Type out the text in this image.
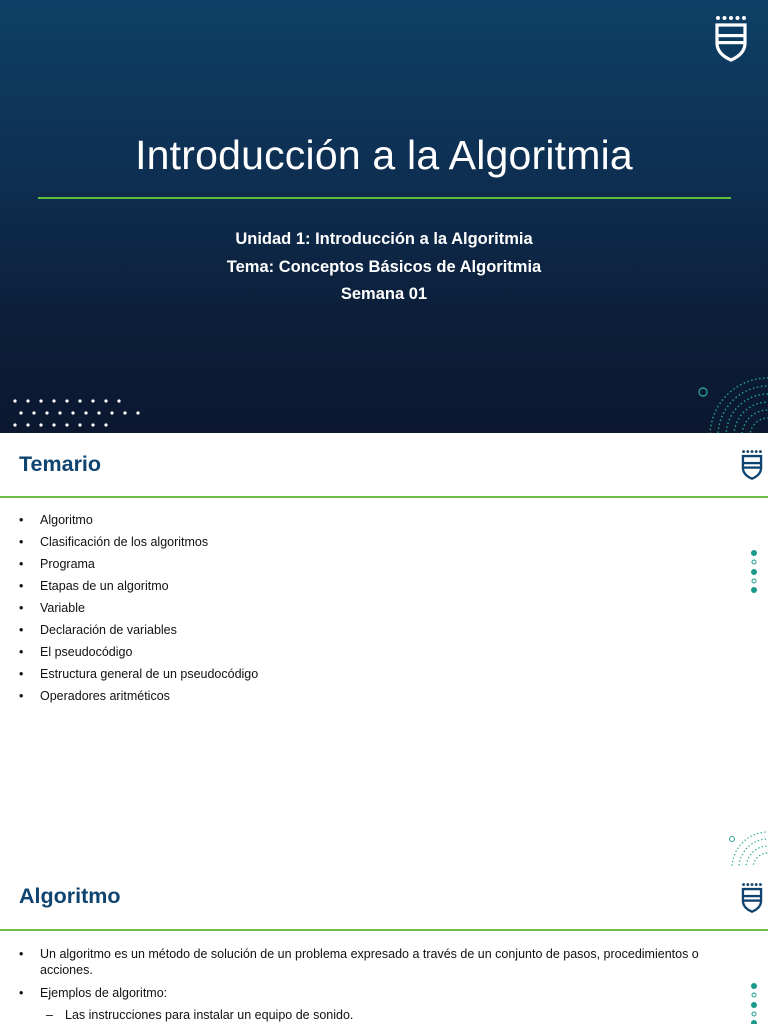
Introducción a la Algoritmia
Unidad 1: Introducción a la Algoritmia
Tema: Conceptos Básicos de Algoritmia
Semana 01
Temario
• Algoritmo
• Clasificación de los algoritmos
• Programa
• Etapas de un algoritmo
• Variable
• Declaración de variables
• El pseudocódigo
• Estructura general de un pseudocódigo
• Operadores aritméticos
Algoritmo
• Un algoritmo es un método de solución de un problema expresado a través de un conjunto de pasos, procedimientos o acciones.
• Ejemplos de algoritmo:
– Las instrucciones para instalar un equipo de sonido.
